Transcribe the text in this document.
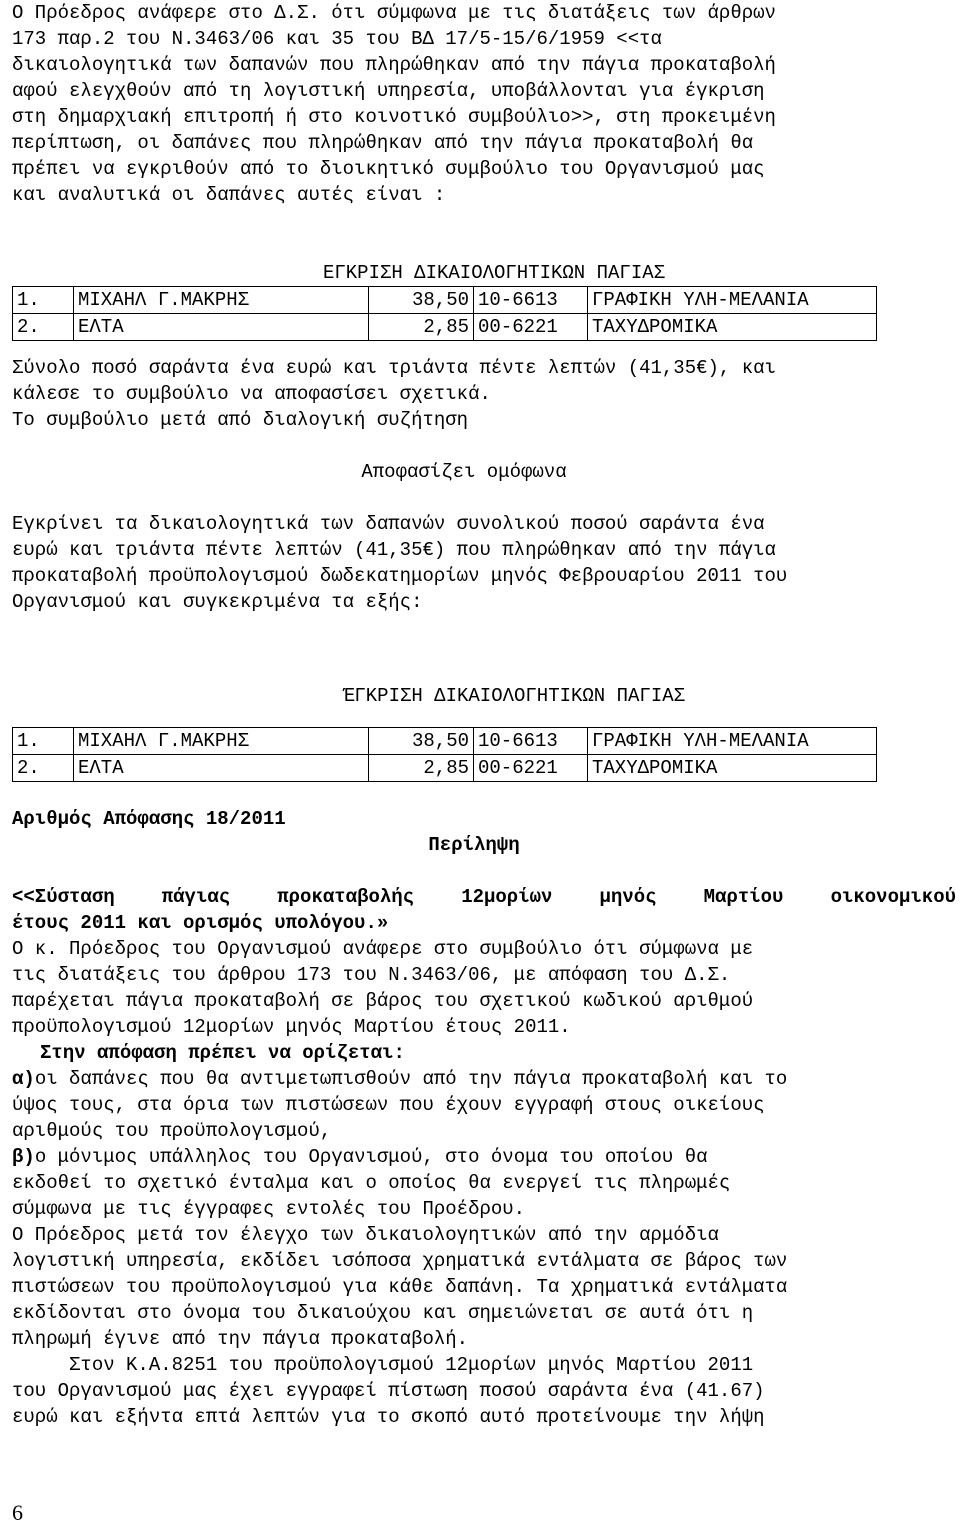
Ο Πρόεδρος ανάφερε στο Δ.Σ. ότι σύμφωνα με τις διατάξεις των άρθρων
173 παρ.2 του Ν.3463/06 και 35 του ΒΔ 17/5-15/6/1959 <<τα
δικαιολογητικά των δαπανών που πληρώθηκαν από την πάγια προκαταβολή
αφού ελεγχθούν από τη λογιστική υπηρεσία, υποβάλλονται για έγκριση
στη δημαρχιακή επιτροπή ή στο κοινοτικό συμβούλιο>>, στη προκειμένη
περίπτωση, οι δαπάνες που πληρώθηκαν από την πάγια προκαταβολή θα
πρέπει να εγκριθούν από το διοικητικό συμβούλιο του Οργανισμού μας
και αναλυτικά οι δαπάνες αυτές είναι :
ΕΓΚΡΙΣΗ ΔΙΚΑΙΟΛΟΓΗΤΙΚΩΝ ΠΑΓΙΑΣ
1.	ΜΙΧΑΗΛ Γ.ΜΑΚΡΗΣ	38,50	10-6613	ΓΡΑΦΙΚΗ ΥΛΗ-ΜΕΛΑΝΙΑ
2.	ΕΛΤΑ	2,85	00-6221	ΤΑΧΥΔΡΟΜΙΚΑ
Σύνολο ποσό σαράντα ένα ευρώ και τριάντα πέντε λεπτών (41,35€), και
κάλεσε το συμβούλιο να αποφασίσει σχετικά.
Το συμβούλιο μετά από διαλογική συζήτηση
Αποφασίζει ομόφωνα
Εγκρίνει τα δικαιολογητικά των δαπανών συνολικού ποσού σαράντα ένα
ευρώ και τριάντα πέντε λεπτών (41,35€) που πληρώθηκαν από την πάγια
προκαταβολή προϋπολογισμού δωδεκατημορίων μηνός Φεβρουαρίου 2011 του
Οργανισμού και συγκεκριμένα τα εξής:
ΈΓΚΡΙΣΗ ΔΙΚΑΙΟΛΟΓΗΤΙΚΩΝ ΠΑΓΙΑΣ
1.	ΜΙΧΑΗΛ Γ.ΜΑΚΡΗΣ	38,50	10-6613	ΓΡΑΦΙΚΗ ΥΛΗ-ΜΕΛΑΝΙΑ
2.	ΕΛΤΑ	2,85	00-6221	ΤΑΧΥΔΡΟΜΙΚΑ
Αριθμός Απόφασης 18/2011
Περίληψη
<<Σύσταση πάγιας προκαταβολής 12μορίων μηνός Μαρτίου οικονομικού
έτους 2011 και ορισμός υπολόγου.»
Ο κ. Πρόεδρος του Οργανισμού ανάφερε στο συμβούλιο ότι σύμφωνα με
τις διατάξεις του άρθρου 173 του Ν.3463/06, με απόφαση του Δ.Σ.
παρέχεται πάγια προκαταβολή σε βάρος του σχετικού κωδικού αριθμού
προϋπολογισμού 12μορίων μηνός Μαρτίου έτους 2011.
Στην απόφαση πρέπει να ορίζεται:
α)οι δαπάνες που θα αντιμετωπισθούν από την πάγια προκαταβολή και το
ύψος τους, στα όρια των πιστώσεων που έχουν εγγραφή στους οικείους
αριθμούς του προϋπολογισμού,
β)ο μόνιμος υπάλληλος του Οργανισμού, στο όνομα του οποίου θα
εκδοθεί το σχετικό ένταλμα και ο οποίος θα ενεργεί τις πληρωμές
σύμφωνα με τις έγγραφες εντολές του Προέδρου.
Ο Πρόεδρος μετά τον έλεγχο των δικαιολογητικών από την αρμόδια
λογιστική υπηρεσία, εκδίδει ισόποσα χρηματικά εντάλματα σε βάρος των
πιστώσεων του προϋπολογισμού για κάθε δαπάνη. Τα χρηματικά εντάλματα
εκδίδονται στο όνομα του δικαιούχου και σημειώνεται σε αυτά ότι η
πληρωμή έγινε από την πάγια προκαταβολή.
Στον Κ.Α.8251 του προϋπολογισμού 12μορίων μηνός Μαρτίου 2011
του Οργανισμού μας έχει εγγραφεί πίστωση ποσού σαράντα ένα (41.67)
ευρώ και εξήντα επτά λεπτών για το σκοπό αυτό προτείνουμε την λήψη
6
